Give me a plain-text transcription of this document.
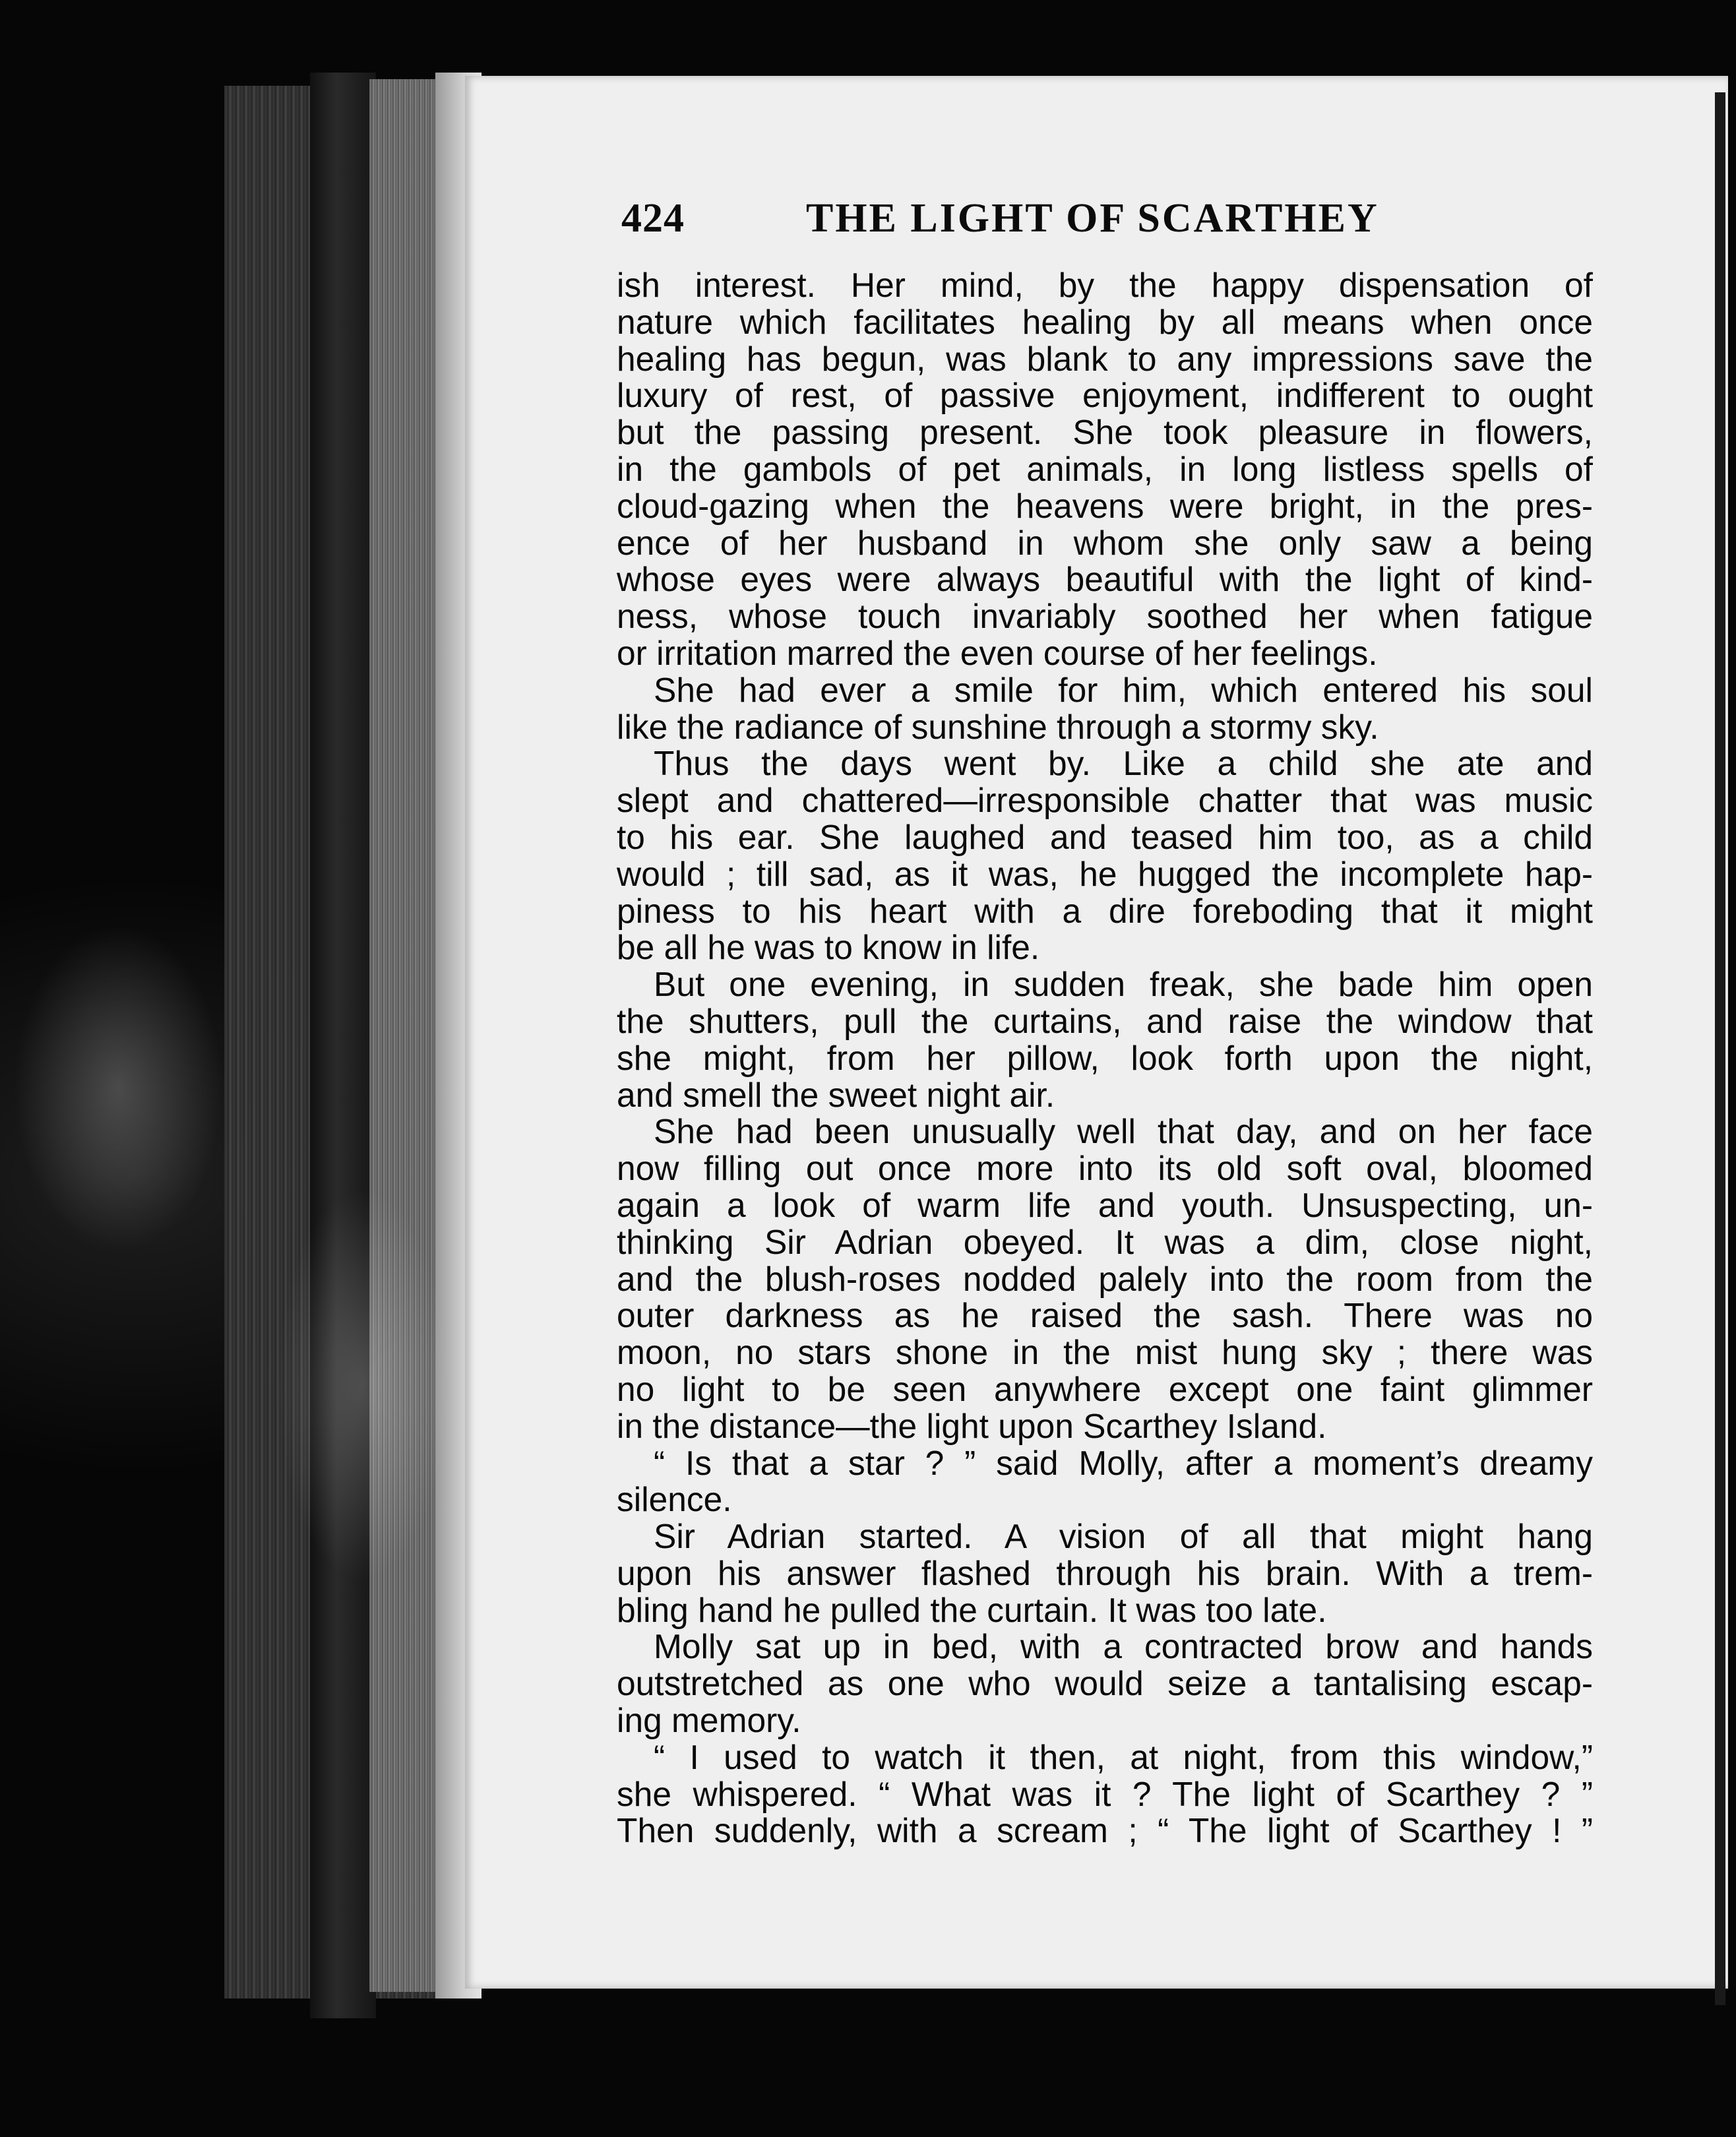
424	THE LIGHT OF SCARTHEY
ish interest. Her mind, by the happy dispensation of
nature which facilitates healing by all means when once
healing has begun, was blank to any impressions save the
luxury of rest, of passive enjoyment, indifferent to ought
but the passing present. She took pleasure in flowers,
in the gambols of pet animals, in long listless spells of
cloud-gazing when the heavens were bright, in the pres-
ence of her husband in whom she only saw a being
whose eyes were always beautiful with the light of kind-
ness, whose touch invariably soothed her when fatigue
or irritation marred the even course of her feelings.
She had ever a smile for him, which entered his soul
like the radiance of sunshine through a stormy sky.
Thus the days went by. Like a child she ate and
slept and chattered—irresponsible chatter that was music
to his ear. She laughed and teased him too, as a child
would ; till sad, as it was, he hugged the incomplete hap-
piness to his heart with a dire foreboding that it might
be all he was to know in life.
But one evening, in sudden freak, she bade him open
the shutters, pull the curtains, and raise the window that
she might, from her pillow, look forth upon the night,
and smell the sweet night air.
She had been unusually well that day, and on her face
now filling out once more into its old soft oval, bloomed
again a look of warm life and youth. Unsuspecting, un-
thinking Sir Adrian obeyed. It was a dim, close night,
and the blush-roses nodded palely into the room from the
outer darkness as he raised the sash. There was no
moon, no stars shone in the mist hung sky ; there was
no light to be seen anywhere except one faint glimmer
in the distance—the light upon Scarthey Island.
“ Is that a star ? ” said Molly, after a moment’s dreamy
silence.
Sir Adrian started. A vision of all that might hang
upon his answer flashed through his brain. With a trem-
bling hand he pulled the curtain. It was too late.
Molly sat up in bed, with a contracted brow and hands
outstretched as one who would seize a tantalising escap-
ing memory.
“ I used to watch it then, at night, from this window,”
she whispered. “ What was it ? The light of Scarthey ? ”
Then suddenly, with a scream ; “ The light of Scarthey ! ”
